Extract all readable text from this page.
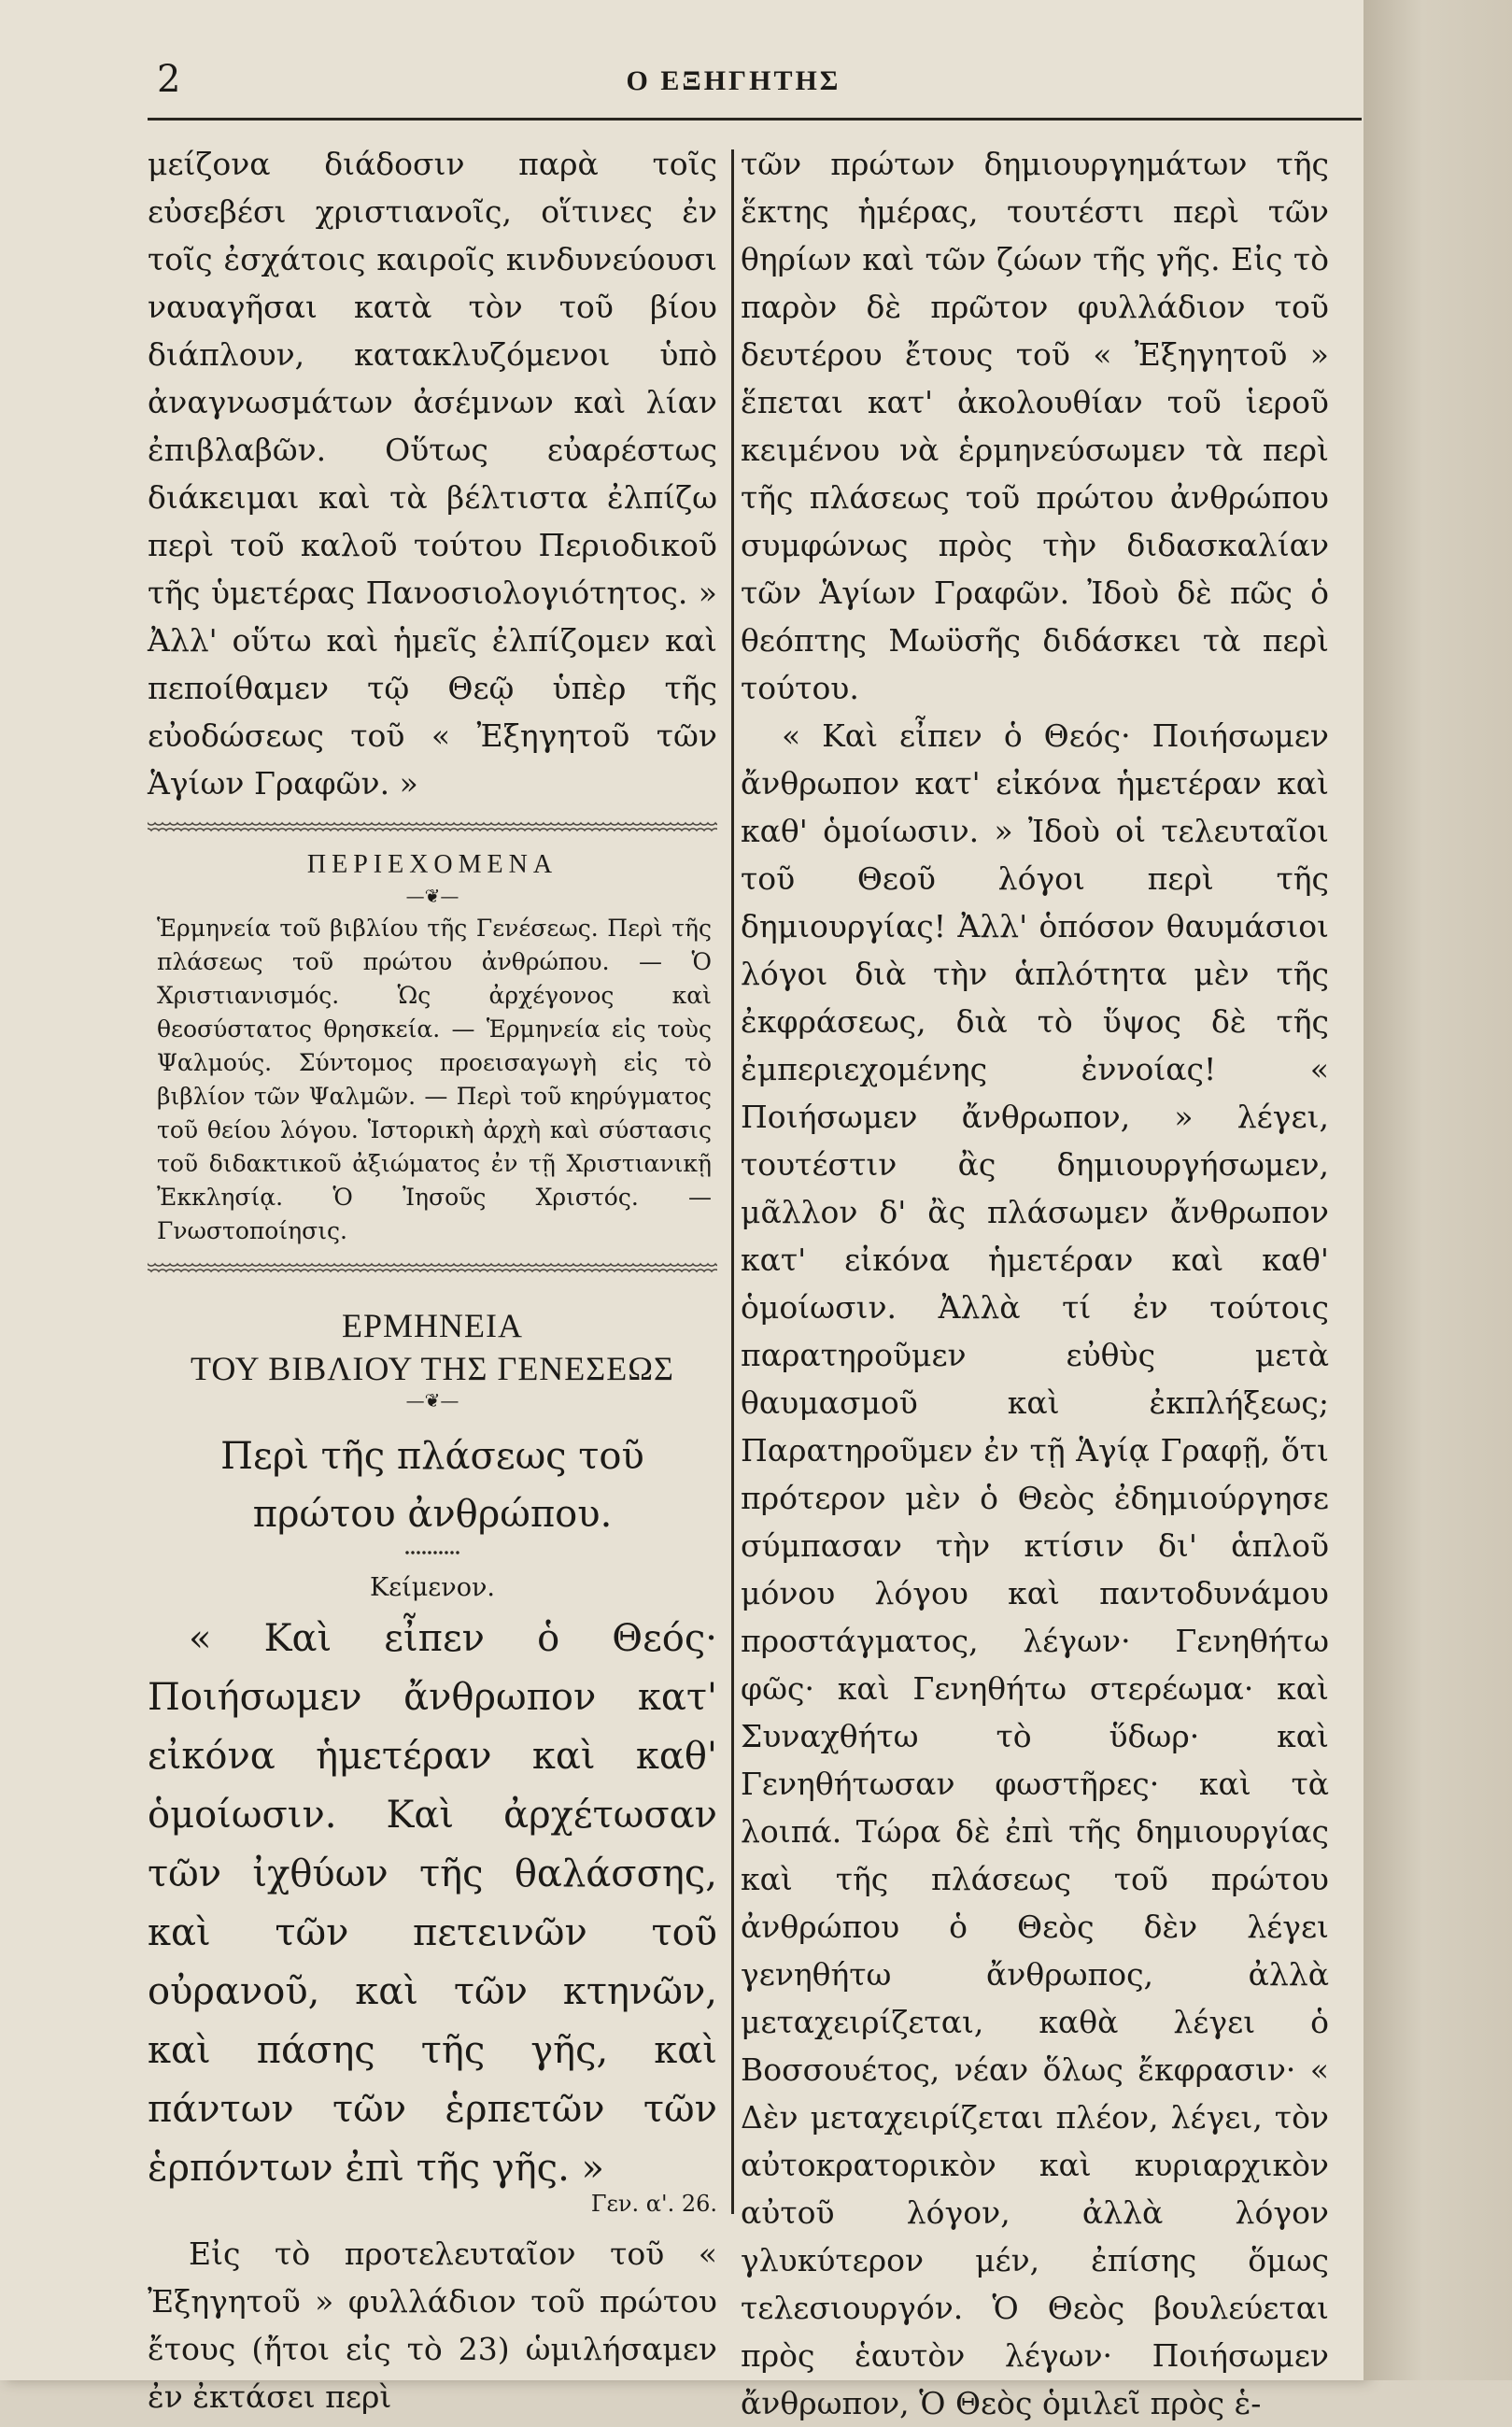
2	Ο ΕΞΗΓΗΤΗΣ

μείζονα διάδοσιν παρὰ τοῖς εὐσεβέσι χριστιανοῖς, οἵτινες ἐν τοῖς ἐσχάτοις καιροῖς κινδυνεύουσι ναυαγῆσαι κατὰ τὸν τοῦ βίου διάπλουν, κατακλυζόμενοι ὑπὸ ἀναγνωσμάτων ἀσέμνων καὶ λίαν ἐπιβλαβῶν. Οὕτως εὐαρέστως διάκειμαι καὶ τὰ βέλτιστα ἐλπίζω περὶ τοῦ καλοῦ τούτου Περιοδικοῦ τῆς ὑμετέρας Πανοσιολογιότητος. » Ἀλλ' οὕτω καὶ ἡμεῖς ἐλπίζομεν καὶ πεποίθαμεν τῷ Θεῷ ὑπὲρ τῆς εὐοδώσεως τοῦ « Ἐξηγητοῦ τῶν Ἁγίων Γραφῶν. »

ΠΕΡΙΕΧΟΜΕΝΑ
—❦—
Ἑρμηνεία τοῦ βιβλίου τῆς Γενέσεως. Περὶ τῆς πλάσεως τοῦ πρώτου ἀνθρώπου. — Ὁ Χριστιανισμός. Ὡς ἀρχέγονος καὶ θεοσύστατος θρησκεία. — Ἑρμηνεία εἰς τοὺς Ψαλμούς. Σύντομος προεισαγωγὴ εἰς τὸ βιβλίον τῶν Ψαλμῶν. — Περὶ τοῦ κηρύγματος τοῦ θείου λόγου. Ἱστορικὴ ἀρχὴ καὶ σύστασις τοῦ διδακτικοῦ ἀξιώματος ἐν τῇ Χριστιανικῇ Ἐκκλησίᾳ. Ὁ Ἰησοῦς Χριστός. — Γνωστοποίησις.
ΕΡΜΗΝΕΙΑ
ΤΟΥ ΒΙΒΛΙΟΥ ΤΗΣ ΓΕΝΕΣΕΩΣ
—❦—
Περὶ τῆς πλάσεως τοῦ πρώτου ἀνθρώπου.
Κείμενον.

« Καὶ εἶπεν ὁ Θεός· Ποιήσωμεν ἄνθρωπον κατ' εἰκόνα ἡμετέραν καὶ καθ' ὁμοίωσιν. Καὶ ἀρχέτωσαν τῶν ἰχθύων τῆς θαλάσσης, καὶ τῶν πετεινῶν τοῦ οὐρανοῦ, καὶ τῶν κτηνῶν, καὶ πάσης τῆς γῆς, καὶ πάντων τῶν ἑρπετῶν τῶν ἑρπόντων ἐπὶ τῆς γῆς. »

Γεν. α'. 26.

Εἰς τὸ προτελευταῖον τοῦ « Ἐξηγητοῦ » φυλλάδιον τοῦ πρώτου ἔτους (ἤτοι εἰς τὸ 23) ὡμιλήσαμεν ἐν ἐκτάσει περὶ

τῶν πρώτων δημιουργημάτων τῆς ἕκτης ἡμέρας, τουτέστι περὶ τῶν θηρίων καὶ τῶν ζώων τῆς γῆς. Εἰς τὸ παρὸν δὲ πρῶτον φυλλάδιον τοῦ δευτέρου ἔτους τοῦ « Ἐξηγητοῦ » ἕπεται κατ' ἀκολουθίαν τοῦ ἱεροῦ κειμένου νὰ ἑρμηνεύσωμεν τὰ περὶ τῆς πλάσεως τοῦ πρώτου ἀνθρώπου συμφώνως πρὸς τὴν διδασκαλίαν τῶν Ἁγίων Γραφῶν. Ἰδοὺ δὲ πῶς ὁ θεόπτης Μωϋσῆς διδάσκει τὰ περὶ τούτου.

« Καὶ εἶπεν ὁ Θεός· Ποιήσωμεν ἄνθρωπον κατ' εἰκόνα ἡμετέραν καὶ καθ' ὁμοίωσιν. » Ἰδοὺ οἱ τελευταῖοι τοῦ Θεοῦ λόγοι περὶ τῆς δημιουργίας! Ἀλλ' ὁπόσον θαυμάσιοι λόγοι διὰ τὴν ἁπλότητα μὲν τῆς ἐκφράσεως, διὰ τὸ ὕψος δὲ τῆς ἐμπεριεχομένης ἐννοίας! « Ποιήσωμεν ἄνθρωπον, » λέγει, τουτέστιν ἂς δημιουργήσωμεν, μᾶλλον δ' ἂς πλάσωμεν ἄνθρωπον κατ' εἰκόνα ἡμετέραν καὶ καθ' ὁμοίωσιν. Ἀλλὰ τί ἐν τούτοις παρατηροῦμεν εὐθὺς μετὰ θαυμασμοῦ καὶ ἐκπλήξεως; Παρατηροῦμεν ἐν τῇ Ἁγίᾳ Γραφῇ, ὅτι πρότερον μὲν ὁ Θεὸς ἐδημιούργησε σύμπασαν τὴν κτίσιν δι' ἁπλοῦ μόνου λόγου καὶ παντοδυνάμου προστάγματος, λέγων· Γενηθήτω φῶς· καὶ Γενηθήτω στερέωμα· καὶ Συναχθήτω τὸ ὕδωρ· καὶ Γενηθήτωσαν φωστῆρες· καὶ τὰ λοιπά. Τώρα δὲ ἐπὶ τῆς δημιουργίας καὶ τῆς πλάσεως τοῦ πρώτου ἀνθρώπου ὁ Θεὸς δὲν λέγει γενηθήτω ἄνθρωπος, ἀλλὰ μεταχειρίζεται, καθὰ λέγει ὁ Βοσσουέτος, νέαν ὅλως ἔκφρασιν· « Δὲν μεταχειρίζεται πλέον, λέγει, τὸν αὐτοκρατορικὸν καὶ κυριαρχικὸν αὐτοῦ λόγον, ἀλλὰ λόγον γλυκύτερον μέν, ἐπίσης ὅμως τελεσιουργόν. Ὁ Θεὸς βουλεύεται πρὸς ἑαυτὸν λέγων· Ποιήσωμεν ἄνθρωπον, Ὁ Θεὸς ὁμιλεῖ πρὸς ἑ-
